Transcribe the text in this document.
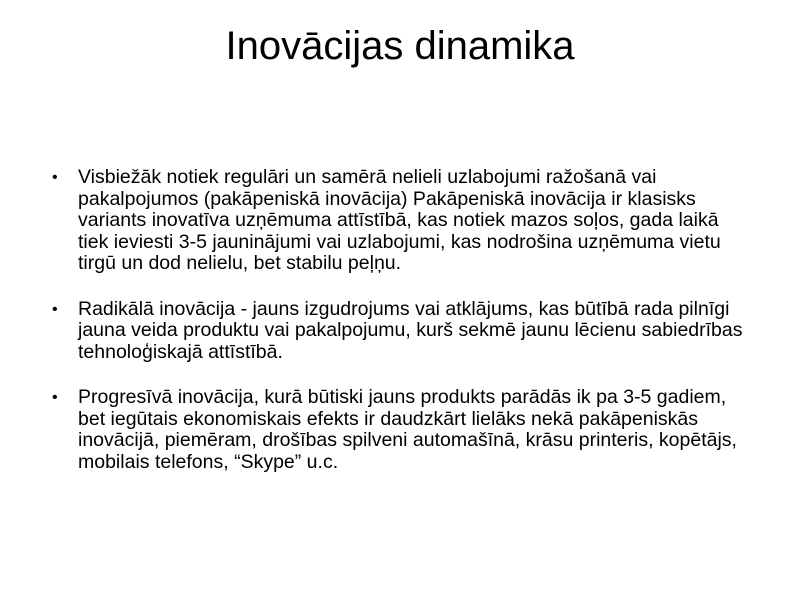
Inovācijas dinamika
• Visbiežāk notiek regulāri un samērā nelieli uzlabojumi ražošanā vai pakalpojumos (pakāpeniskā inovācija) Pakāpeniskā inovācija ir klasisks variants inovatīva uzņēmuma attīstībā, kas notiek mazos soļos, gada laikā tiek ieviesti 3-5 jauninājumi vai uzlabojumi, kas nodrošina uzņēmuma vietu tirgū un dod nelielu, bet stabilu peļņu.
• Radikālā inovācija - jauns izgudrojums vai atklājums, kas būtībā rada pilnīgi jauna veida produktu vai pakalpojumu, kurš sekmē jaunu lēcienu sabiedrības tehnoloģiskajā attīstībā.
• Progresīvā inovācija, kurā būtiski jauns produkts parādās ik pa 3-5 gadiem, bet iegūtais ekonomiskais efekts ir daudzkārt lielāks nekā pakāpeniskās inovācijā, piemēram, drošības spilveni automašīnā, krāsu printeris, kopētājs, mobilais telefons, “Skype” u.c.
